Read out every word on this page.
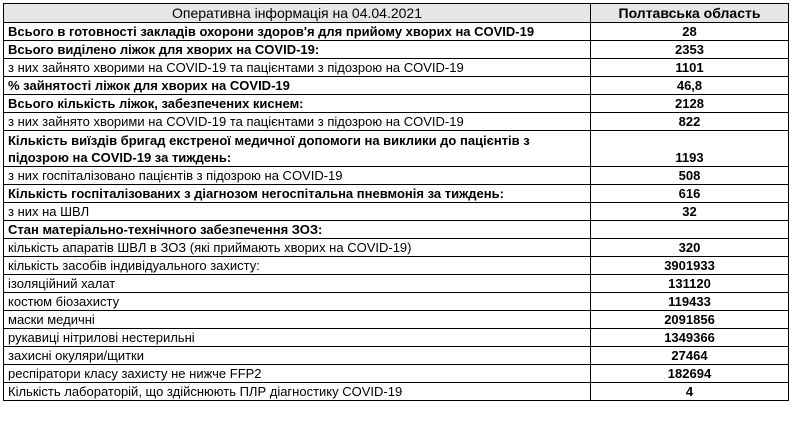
Оперативна інформація на 04.04.2021	Полтавська область
Всього в готовності закладів охорони здоров'я для прийому хворих на COVID-19	28
Всього виділено ліжок для хворих на COVID-19:	2353
з них зайнято хворими на COVID-19 та пацієнтами з підозрою на COVID-19	1101
% зайнятості ліжок для хворих на COVID-19	46,8
Всього кількість ліжок, забезпечених киснем:	2128
з них зайнято хворими на COVID-19 та пацієнтами з підозрою на COVID-19	822
Кількість виїздів бригад екстреної медичної допомоги на виклики до пацієнтів з підозрою на COVID-19 за тиждень:	1193
з них госпіталізовано пацієнтів з підозрою на COVID-19	508
Кількість госпіталізованих з діагнозом негоспітальна пневмонія за тиждень:	616
з них на ШВЛ	32
Стан матеріально-технічного забезпечення ЗОЗ:	
кількість апаратів ШВЛ в ЗОЗ (які приймають хворих на COVID-19)	320
кількість засобів індивідуального захисту:	3901933
ізоляційний халат	131120
костюм біозахисту	119433
маски медичні	2091856
рукавиці нітрилові нестерильні	1349366
захисні окуляри/щитки	27464
респіратори класу захисту не нижче FFP2	182694
Кількість лабораторій, що здійснюють ПЛР діагностику COVID-19	4
